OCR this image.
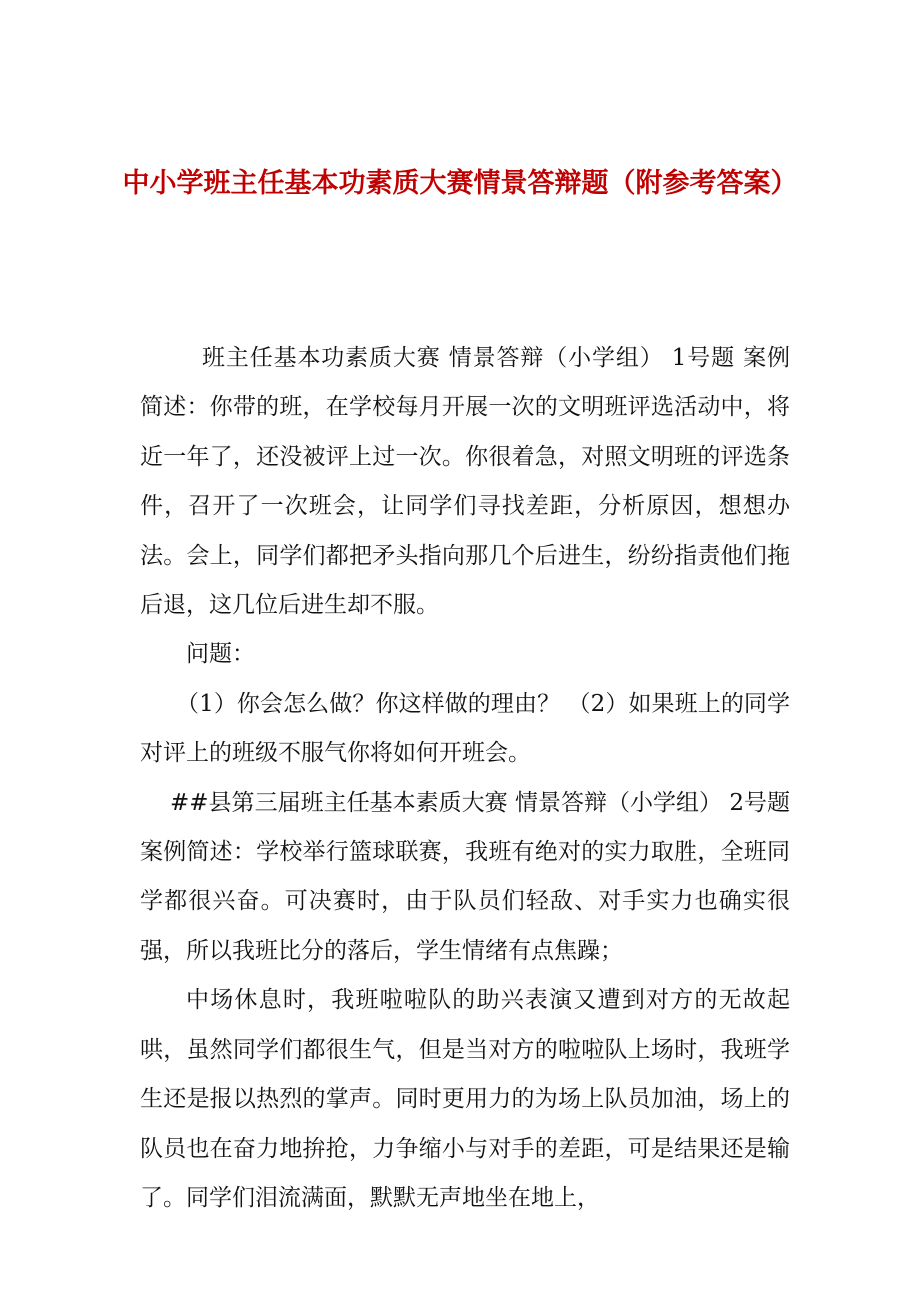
中小学班主任基本功素质大赛情景答辩题（附参考答案）

班主任基本功素质大赛 情景答辩（小学组） 1号题 案例简述：你带的班，在学校每月开展一次的文明班评选活动中，将近一年了，还没被评上过一次。你很着急，对照文明班的评选条件，召开了一次班会，让同学们寻找差距，分析原因，想想办法。会上，同学们都把矛头指向那几个后进生，纷纷指责他们拖后退，这几位后进生却不服。

问题：

（1）你会怎么做？你这样做的理由？ （2）如果班上的同学对评上的班级不服气你将如何开班会。

##县第三届班主任基本素质大赛 情景答辩（小学组） 2号题 案例简述：学校举行篮球联赛，我班有绝对的实力取胜，全班同学都很兴奋。可决赛时，由于队员们轻敌、对手实力也确实很强，所以我班比分的落后，学生情绪有点焦躁；

中场休息时，我班啦啦队的助兴表演又遭到对方的无故起哄，虽然同学们都很生气，但是当对方的啦啦队上场时，我班学生还是报以热烈的掌声。同时更用力的为场上队员加油，场上的队员也在奋力地拚抢，力争缩小与对手的差距，可是结果还是输了。同学们泪流满面，默默无声地坐在地上，
